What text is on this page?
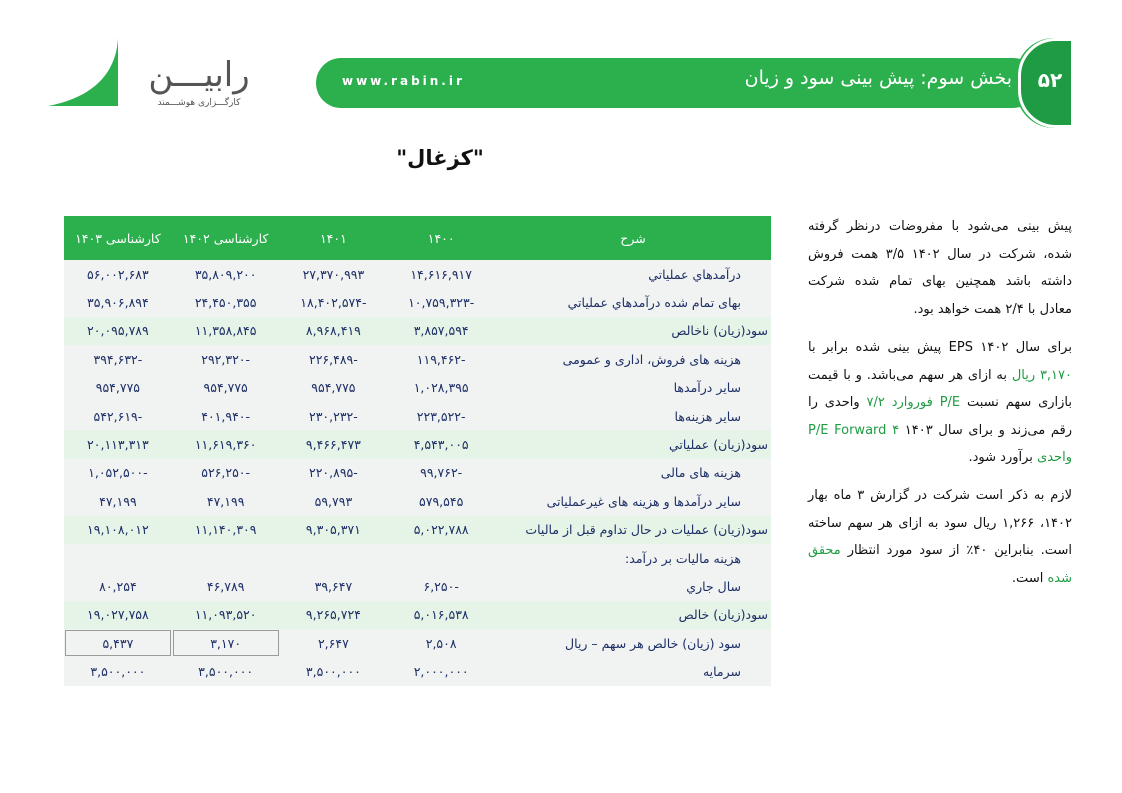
رابیـــن
کارگـــزاری هوشـــمند
www.rabin.ir	بخش سوم: پیش بینی سود و زیان	۵۲
"کزغال"
شرح	۱۴۰۰	۱۴۰۱	کارشناسی ۱۴۰۲	کارشناسی ۱۴۰۳
درآمدهاي عملياتي	۱۴,۶۱۶,۹۱۷	۲۷,۳۷۰,۹۹۳	۳۵,۸۰۹,۲۰۰	۵۶,۰۰۲,۶۸۳
بهای تمام شده درآمدهاي عملياتي	-۱۰,۷۵۹,۳۲۳	-۱۸,۴۰۲,۵۷۴	۲۴,۴۵۰,۳۵۵	۳۵,۹۰۶,۸۹۴
سود(زيان) ناخالص	۳,۸۵۷,۵۹۴	۸,۹۶۸,۴۱۹	۱۱,۳۵۸,۸۴۵	۲۰,۰۹۵,۷۸۹
هزینه های فروش، اداری و عمومی	-۱۱۹,۴۶۲	-۲۲۶,۴۸۹	-۲۹۲,۳۲۰	-۳۹۴,۶۳۲
سایر درآمدها	۱,۰۲۸,۳۹۵	۹۵۴,۷۷۵	۹۵۴,۷۷۵	۹۵۴,۷۷۵
سایر هزینه‌ها	-۲۲۳,۵۲۲	-۲۳۰,۲۳۲	-۴۰۱,۹۴۰	-۵۴۲,۶۱۹
سود(زيان) عملياتي	۴,۵۴۳,۰۰۵	۹,۴۶۶,۴۷۳	۱۱,۶۱۹,۳۶۰	۲۰,۱۱۳,۳۱۳
هزينه های مالی	-۹۹,۷۶۲	-۲۲۰,۸۹۵	-۵۲۶,۲۵۰	-۱,۰۵۲,۵۰۰
ساير درآمدها و هزینه های غیرعملیاتی	۵۷۹,۵۴۵	۵۹,۷۹۳	۴۷,۱۹۹	۴۷,۱۹۹
سود(زيان) عمليات در حال تداوم قبل از ماليات	۵,۰۲۲,۷۸۸	۹,۳۰۵,۳۷۱	۱۱,۱۴۰,۳۰۹	۱۹,۱۰۸,۰۱۲
هزينه ماليات بر درآمد:				
سال جاري	-۶,۲۵۰	۳۹,۶۴۷	۴۶,۷۸۹	۸۰,۲۵۴
سود(زيان) خالص	۵,۰۱۶,۵۳۸	۹,۲۶۵,۷۲۴	۱۱,۰۹۳,۵۲۰	۱۹,۰۲۷,۷۵۸
سود (زیان) خالص هر سهم – ریال	۲,۵۰۸	۲,۶۴۷	۳,۱۷۰	۵,۴۳۷
سرمایه	۲,۰۰۰,۰۰۰	۳,۵۰۰,۰۰۰	۳,۵۰۰,۰۰۰	۳,۵۰۰,۰۰۰

پیش بینی می‌شود با مفروضات درنظر گرفته شده، شرکت در سال ۱۴۰۲ ۳/۵ همت فروش داشته باشد همچنین بهای تمام شده شرکت معادل با ۲/۴ همت خواهد بود.

برای سال ۱۴۰۲ EPS پیش بینی شده برابر با ۳,۱۷۰ ریال به ازای هر سهم می‌باشد. و با قیمت بازاری سهم نسبت P/E فوروارد ۷/۲ واحدی را رقم می‌زند و برای سال ۱۴۰۳ P/E Forward ۴ واحدی برآورد شود.

لازم به ذکر است شرکت در گزارش ۳ ماه بهار ۱۴۰۲، ۱,۲۶۶ ریال سود به ازای هر سهم ساخته است. بنابراین ۴۰٪ از سود مورد انتظار محقق شده است.
